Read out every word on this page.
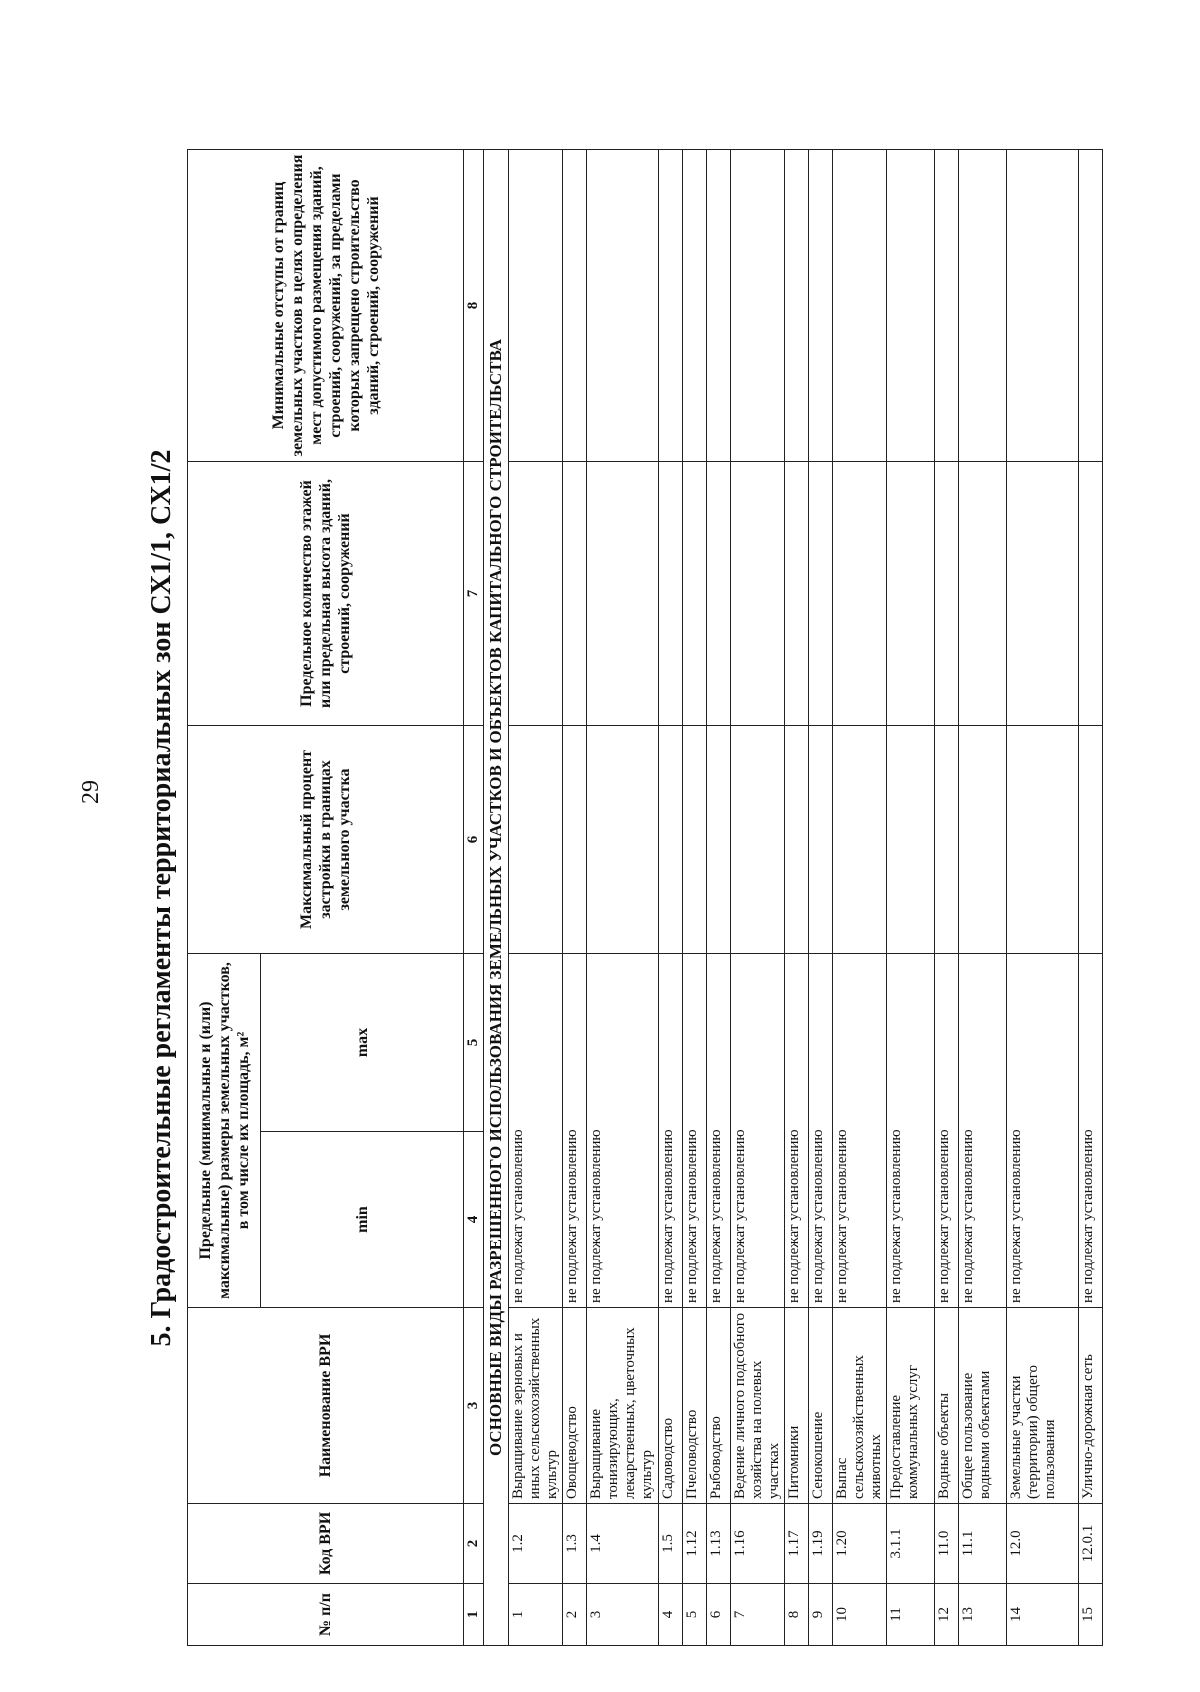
29 5. Градостроительные регламенты территориальных зон СХ1/1, СХ1/2
№ п/п	Код ВРИ	Наименование ВРИ	Предельные (минимальные и (или) максимальные) размеры земельных участков, в том числе их площадь, м²		Максимальный процент застройки в границах земельного участка	Предельное количество этажей или предельная высота зданий, строений, сооружений	Минимальные отступы от границ земельных участков в целях определения мест допустимого размещения зданий, строений, сооружений, за пределами которых запрещено строительство зданий, строений, сооружений
			min	max			
1	2	3	4	5	6	7	8
ОСНОВНЫЕ ВИДЫ РАЗРЕШЕННОГО ИСПОЛЬЗОВАНИЯ ЗЕМЕЛЬНЫХ УЧАСТКОВ И ОБЪЕКТОВ КАПИТАЛЬНОГО СТРОИТЕЛЬСТВА							
1	1.2	Выращивание зерновых и иных сельскохозяйственных культур	не подлежат установлению				
2	1.3	Овощеводство	не подлежат установлению				
3	1.4	Выращивание тонизирующих, лекарственных, цветочных культур	не подлежат установлению				
4	1.5	Садоводство	не подлежат установлению				
5	1.12	Пчеловодство	не подлежат установлению				
6	1.13	Рыбоводство	не подлежат установлению				
7	1.16	Ведение личного подсобного хозяйства на полевых участках	не подлежат установлению				
8	1.17	Питомники	не подлежат установлению				
9	1.19	Сенокошение	не подлежат установлению				
10	1.20	Выпас сельскохозяйственных животных	не подлежат установлению				
11	3.1.1	Предоставление коммунальных услуг	не подлежат установлению				
12	11.0	Водные объекты	не подлежат установлению				
13	11.1	Общее пользование водными объектами	не подлежат установлению				
14	12.0	Земельные участки (территории) общего пользования	не подлежат установлению				
15	12.0.1	Улично-дорожная сеть	не подлежат установлению				
